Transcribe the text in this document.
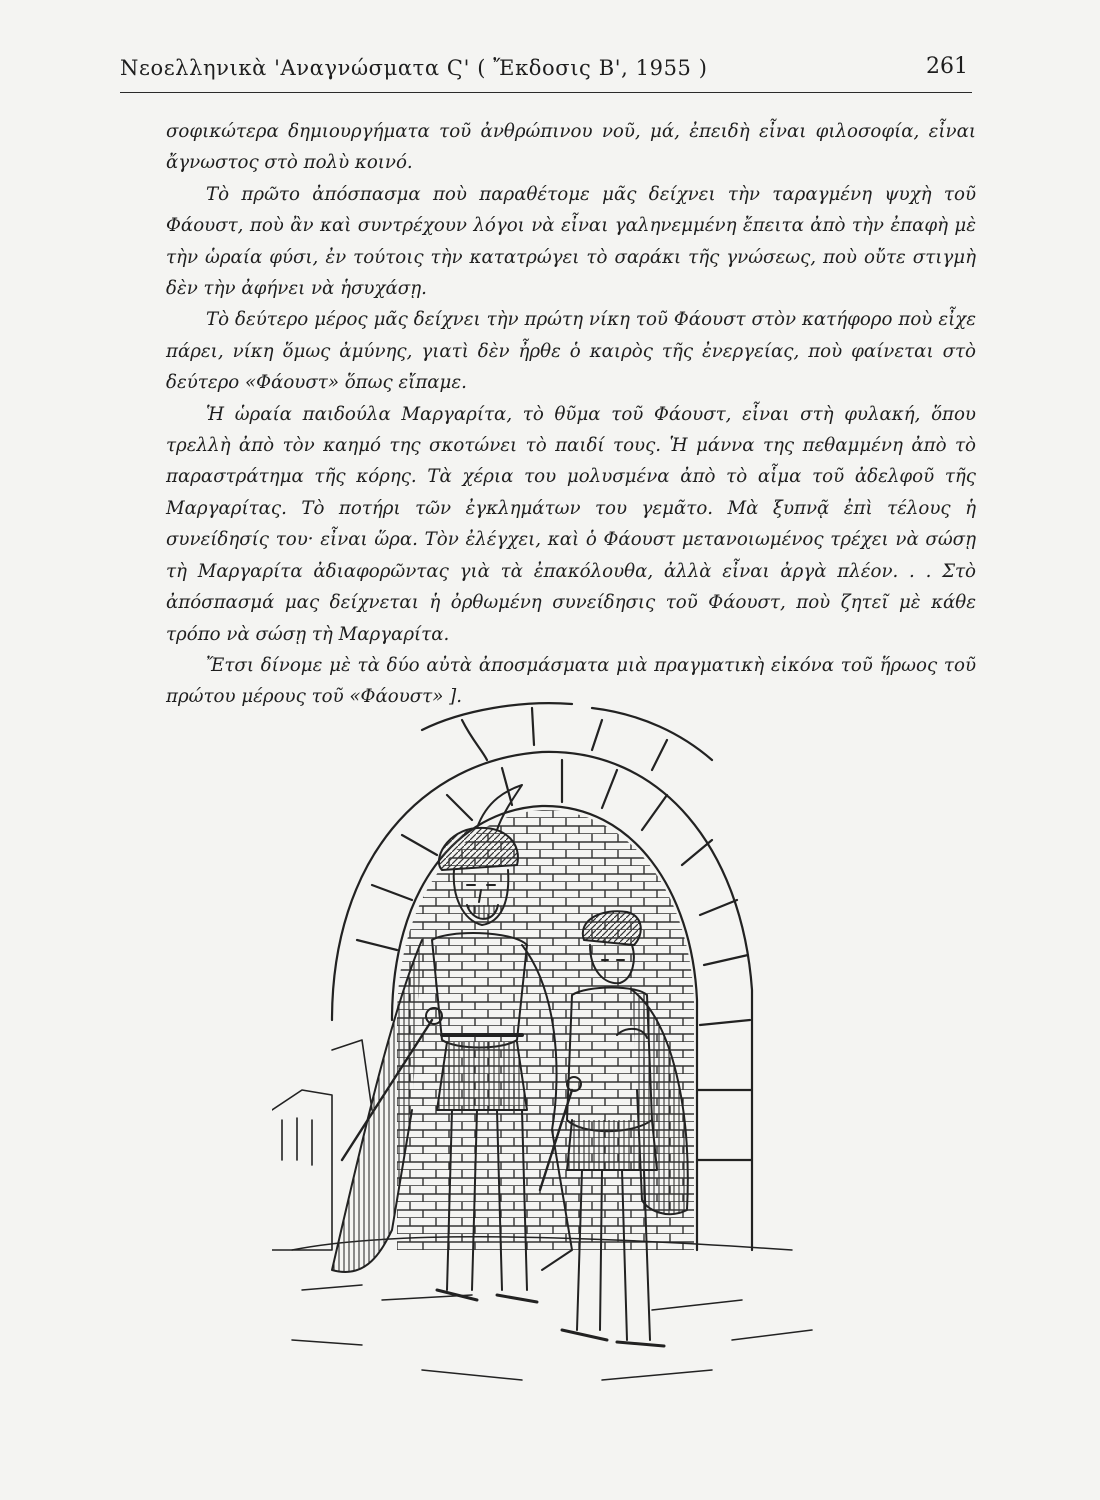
Νεοελληνικὰ 'Αναγνώσματα Ϛ' ( Ἔκδοσις Β', 1955 )	261

σοφικώτερα δημιουργήματα τοῦ ἀνθρώπινου νοῦ, μά, ἐπειδὴ εἶναι φιλοσοφία, εἶναι ἄγνωστος στὸ πολὺ κοινό.

Τὸ πρῶτο ἀπόσπασμα ποὺ παραθέτομε μᾶς δείχνει τὴν ταραγμένη ψυχὴ τοῦ Φάουστ, ποὺ ἂν καὶ συντρέχουν λόγοι νὰ εἶναι γαληνεμμένη ἔπειτα ἀπὸ τὴν ἐπαφὴ μὲ τὴν ὡραία φύσι, ἐν τούτοις τὴν κατατρώγει τὸ σαράκι τῆς γνώσεως, ποὺ οὔτε στιγμὴ δὲν τὴν ἀφήνει νὰ ἡσυχάσῃ.

Τὸ δεύτερο μέρος μᾶς δείχνει τὴν πρώτη νίκη τοῦ Φάουστ στὸν κατήφορο ποὺ εἶχε πάρει, νίκη ὅμως ἀμύνης, γιατὶ δὲν ἦρθε ὁ καιρὸς τῆς ἐνεργείας, ποὺ φαίνεται στὸ δεύτερο «Φάουστ» ὅπως εἴπαμε.

Ἡ ὡραία παιδούλα Μαργαρίτα, τὸ θῦμα τοῦ Φάουστ, εἶναι στὴ φυλακή, ὅπου τρελλὴ ἀπὸ τὸν καημό της σκοτώνει τὸ παιδί τους. Ἡ μάννα της πεθαμμένη ἀπὸ τὸ παραστράτημα τῆς κόρης. Τὰ χέρια του μολυσμένα ἀπὸ τὸ αἷμα τοῦ ἀδελφοῦ τῆς Μαργαρίτας. Τὸ ποτήρι τῶν ἐγκλημάτων του γεμᾶτο. Μὰ ξυπνᾷ ἐπὶ τέλους ἡ συνείδησίς του· εἶναι ὥρα. Τὸν ἐλέγχει, καὶ ὁ Φάουστ μετανοιωμένος τρέχει νὰ σώσῃ τὴ Μαργαρίτα ἀδιαφορῶντας γιὰ τὰ ἐπακόλουθα, ἀλλὰ εἶναι ἀργὰ πλέον. . . Στὸ ἀπόσπασμά μας δείχνεται ἡ ὀρθωμένη συνείδησις τοῦ Φάουστ, ποὺ ζητεῖ μὲ κάθε τρόπο νὰ σώσῃ τὴ Μαργαρίτα.

Ἔτσι δίνομε μὲ τὰ δύο αὐτὰ ἀποσμάσματα μιὰ πραγματικὴ εἰκόνα τοῦ ἥρωος τοῦ πρώτου μέρους τοῦ «Φάουστ» ].
